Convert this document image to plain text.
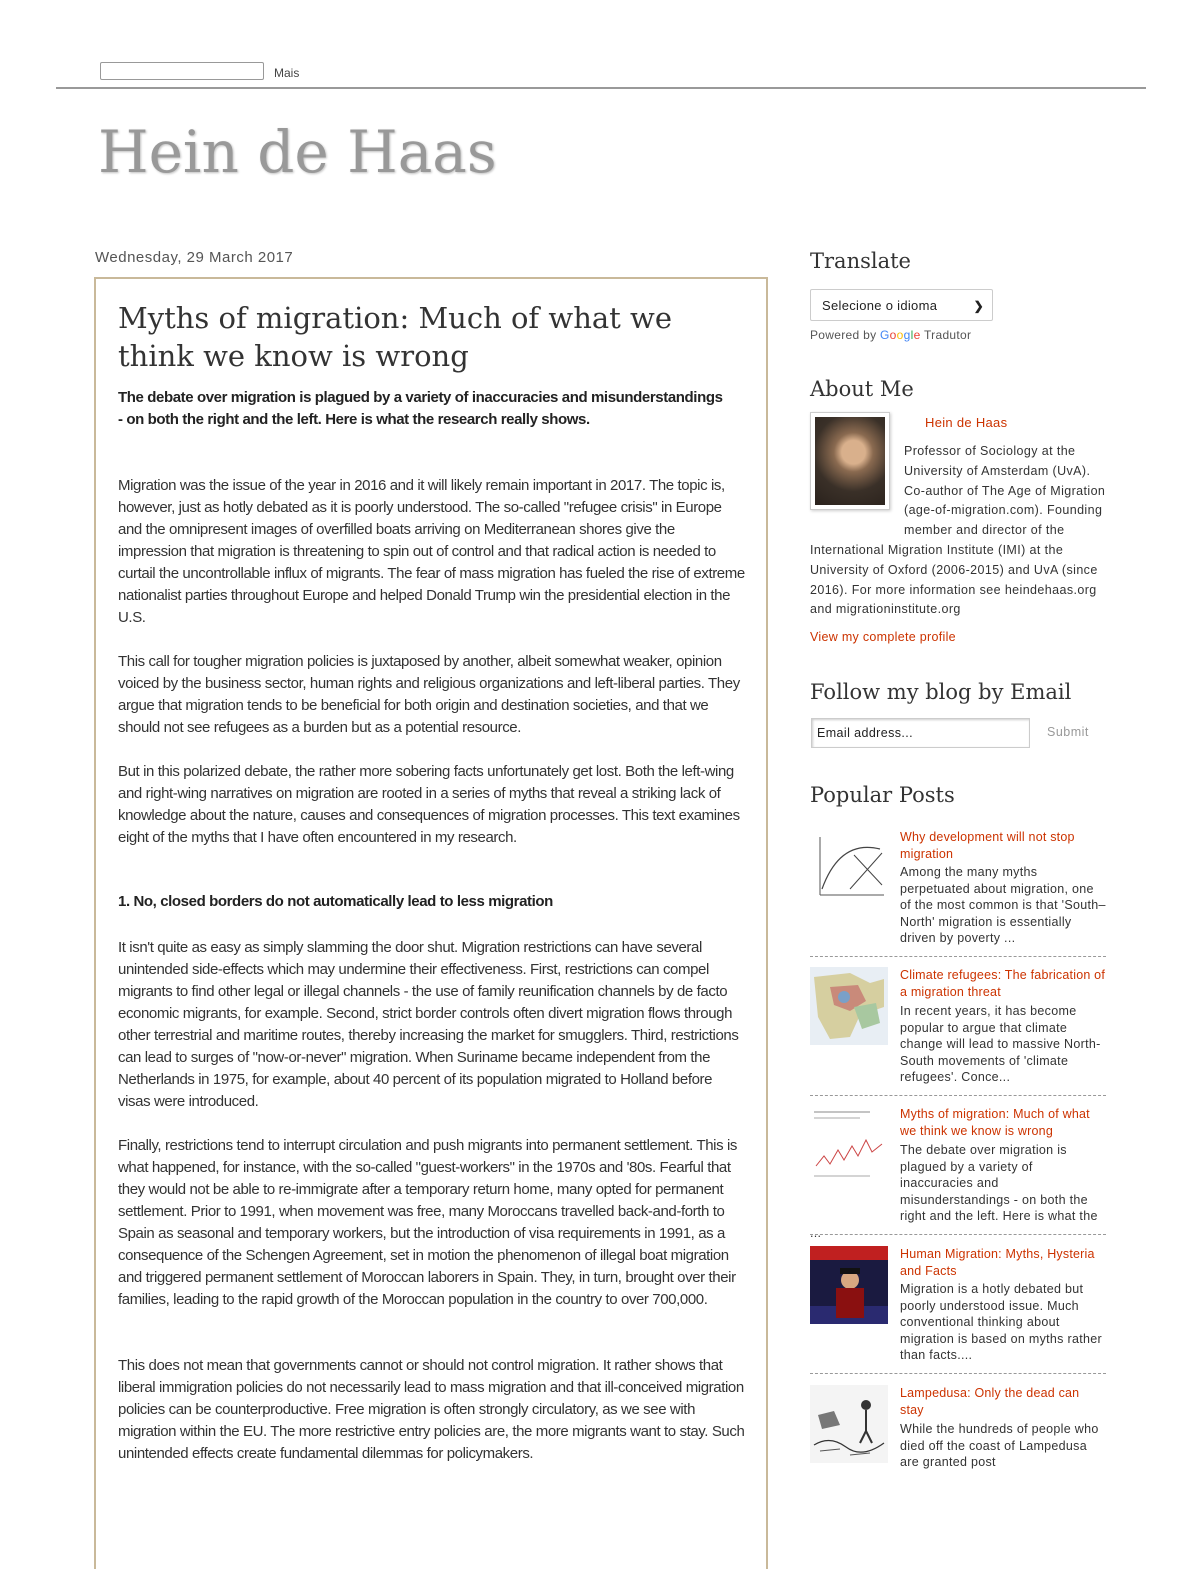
Mais
Hein de Haas
Wednesday, 29 March 2017
Myths of migration: Much of what we think we know is wrong
The debate over migration is plagued by a variety of inaccuracies and misunderstandings - on both the right and the left. Here is what the research really shows.
Migration was the issue of the year in 2016 and it will likely remain important in 2017. The topic is, however, just as hotly debated as it is poorly understood. The so-called "refugee crisis" in Europe and the omnipresent images of overfilled boats arriving on Mediterranean shores give the impression that migration is threatening to spin out of control and that radical action is needed to curtail the uncontrollable influx of migrants. The fear of mass migration has fueled the rise of extreme nationalist parties throughout Europe and helped Donald Trump win the presidential election in the U.S.
This call for tougher migration policies is juxtaposed by another, albeit somewhat weaker, opinion voiced by the business sector, human rights and religious organizations and left-liberal parties. They argue that migration tends to be beneficial for both origin and destination societies, and that we should not see refugees as a burden but as a potential resource.
But in this polarized debate, the rather more sobering facts unfortunately get lost. Both the left-wing and right-wing narratives on migration are rooted in a series of myths that reveal a striking lack of knowledge about the nature, causes and consequences of migration processes. This text examines eight of the myths that I have often encountered in my research.
1. No, closed borders do not automatically lead to less migration
It isn't quite as easy as simply slamming the door shut. Migration restrictions can have several unintended side-effects which may undermine their effectiveness. First, restrictions can compel migrants to find other legal or illegal channels - the use of family reunification channels by de facto economic migrants, for example. Second, strict border controls often divert migration flows through other terrestrial and maritime routes, thereby increasing the market for smugglers. Third, restrictions can lead to surges of "now-or-never" migration. When Suriname became independent from the Netherlands in 1975, for example, about 40 percent of its population migrated to Holland before visas were introduced.
Finally, restrictions tend to interrupt circulation and push migrants into permanent settlement. This is what happened, for instance, with the so-called "guest-workers" in the 1970s and '80s. Fearful that they would not be able to re-immigrate after a temporary return home, many opted for permanent settlement. Prior to 1991, when movement was free, many Moroccans travelled back-and-forth to Spain as seasonal and temporary workers, but the introduction of visa requirements in 1991, as a consequence of the Schengen Agreement, set in motion the phenomenon of illegal boat migration and triggered permanent settlement of Moroccan laborers in Spain. They, in turn, brought over their families, leading to the rapid growth of the Moroccan population in the country to over 700,000.
This does not mean that governments cannot or should not control migration. It rather shows that liberal immigration policies do not necessarily lead to mass migration and that ill-conceived migration policies can be counterproductive. Free migration is often strongly circulatory, as we see with migration within the EU. The more restrictive entry policies are, the more migrants want to stay. Such unintended effects create fundamental dilemmas for policymakers.
Translate
Selecione o idioma	❯
Powered by Google Tradutor
About Me
Hein de Haas
Professor of Sociology at the University of Amsterdam (UvA). Co-author of The Age of Migration (age-of-migration.com). Founding member and director of the International Migration Institute (IMI) at the University of Oxford (2006-2015) and UvA (since 2016). For more information see heindehaas.org and migrationinstitute.org
View my complete profile
Follow my blog by Email
Email address...	Submit
Popular Posts
Why development will not stop migration
Among the many myths perpetuated about migration, one of the most common is that 'South–North' migration is essentially driven by poverty ...
Climate refugees: The fabrication of a migration threat
In recent years, it has become popular to argue that climate change will lead to massive North-South movements of 'climate refugees'. Conce...
Myths of migration: Much of what we think we know is wrong
The debate over migration is plagued by a variety of inaccuracies and misunderstandings - on both the right and the left. Here is what the ...
Human Migration: Myths, Hysteria and Facts
Migration is a hotly debated but poorly understood issue. Much conventional thinking about migration is based on myths rather than facts....
Lampedusa: Only the dead can stay
While the hundreds of people who died off the coast of Lampedusa are granted post
